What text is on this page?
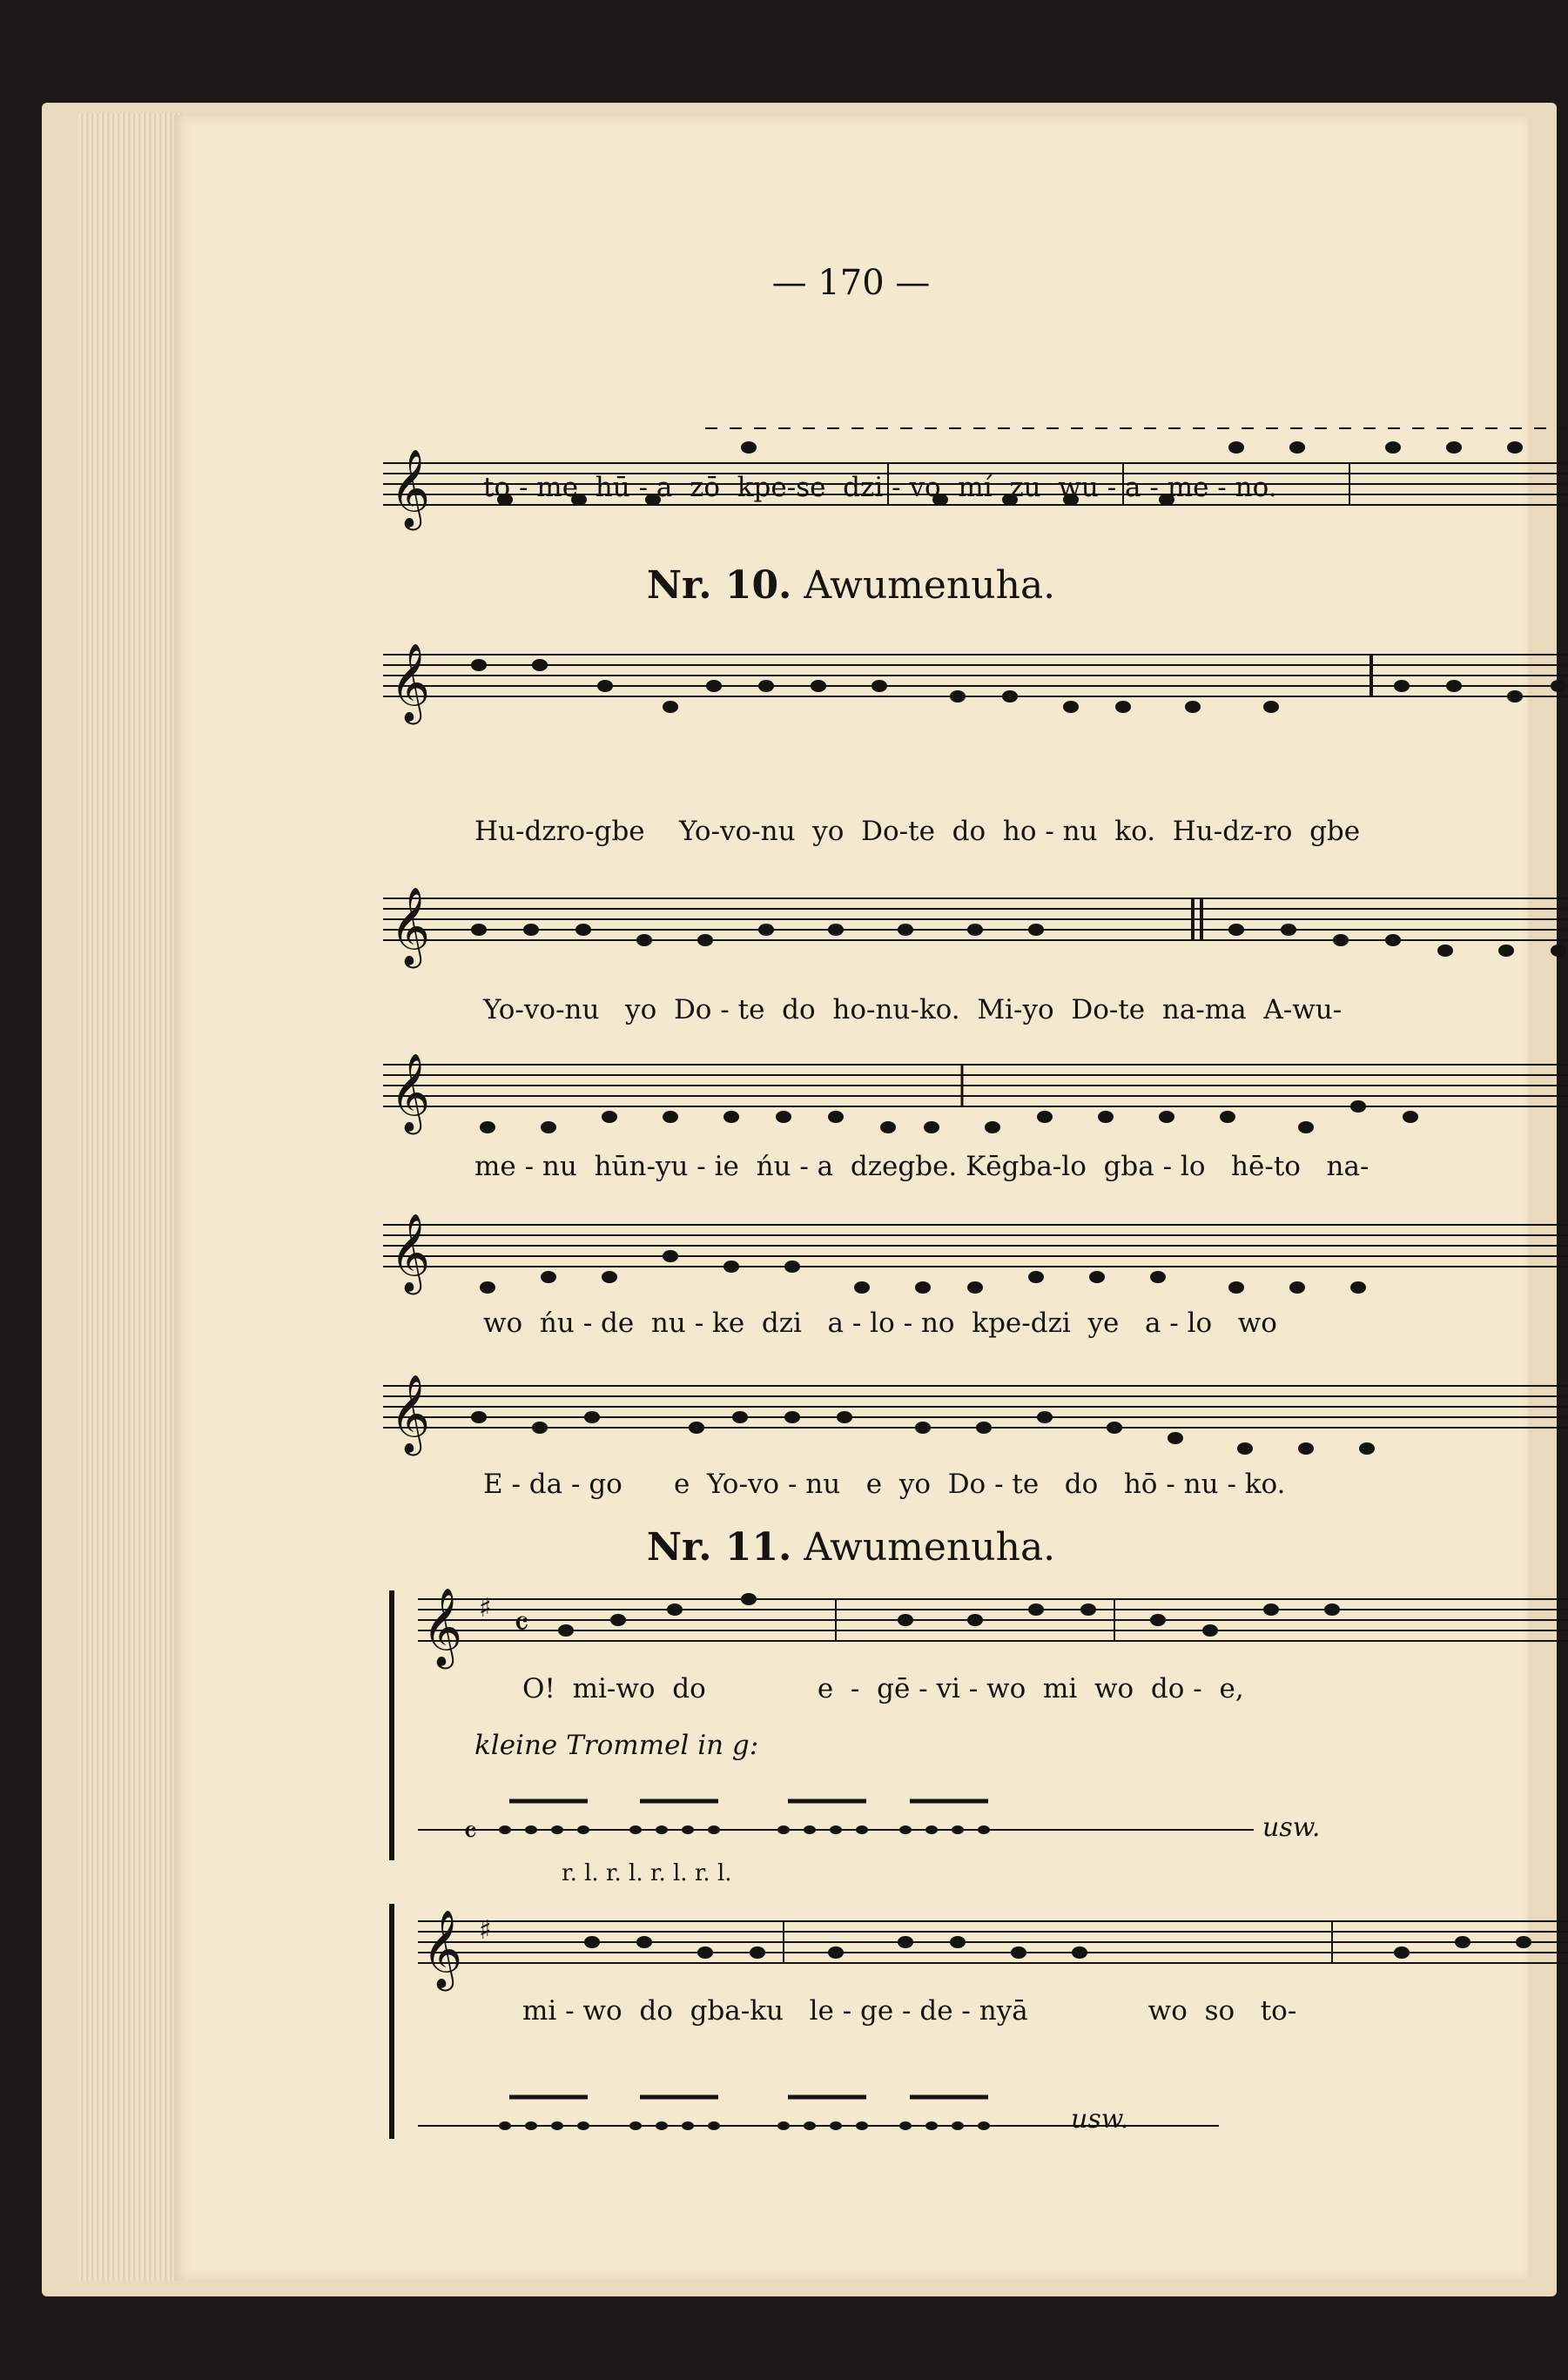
— 170 —
𝄞 to - me  hū - a  zō  kpe-se  dzi - vo  mí  zu  wu - a - me - no.
Nr. 10. Awumenuha.
𝄞
Hu-dzro-gbe    Yo-vo-nu  yo  Do-te  do  ho - nu  ko.  Hu-dz-ro  gbe
𝄞
Yo-vo-nu   yo  Do - te  do  ho-nu-ko.  Mi-yo  Do-te  na-ma  A-wu-
𝄞
me - nu  hūn-yu - ie  ńu - a  dzegbe. Kēgba-lo  gba - lo   hē-to   na-
𝄞
wo  ńu - de  nu - ke  dzi   a - lo - no  kpe-dzi  ye   a - lo   wo
𝄞
E - da - go      e  Yo-vo - nu   e  yo  Do - te   do   hō - nu - ko.
Nr. 11. Awumenuha.
𝄞 ♯ 𝄴
𝄴
O!  mi-wo  do             e  -  gē - vi - wo  mi  wo  do -  e,
kleine Trommel in g:
usw.
r. l. r. l. r. l. r. l.
𝄞 ♯
mi - wo  do  gba-ku   le - ge - de - nyā              wo  so   to-
usw.
